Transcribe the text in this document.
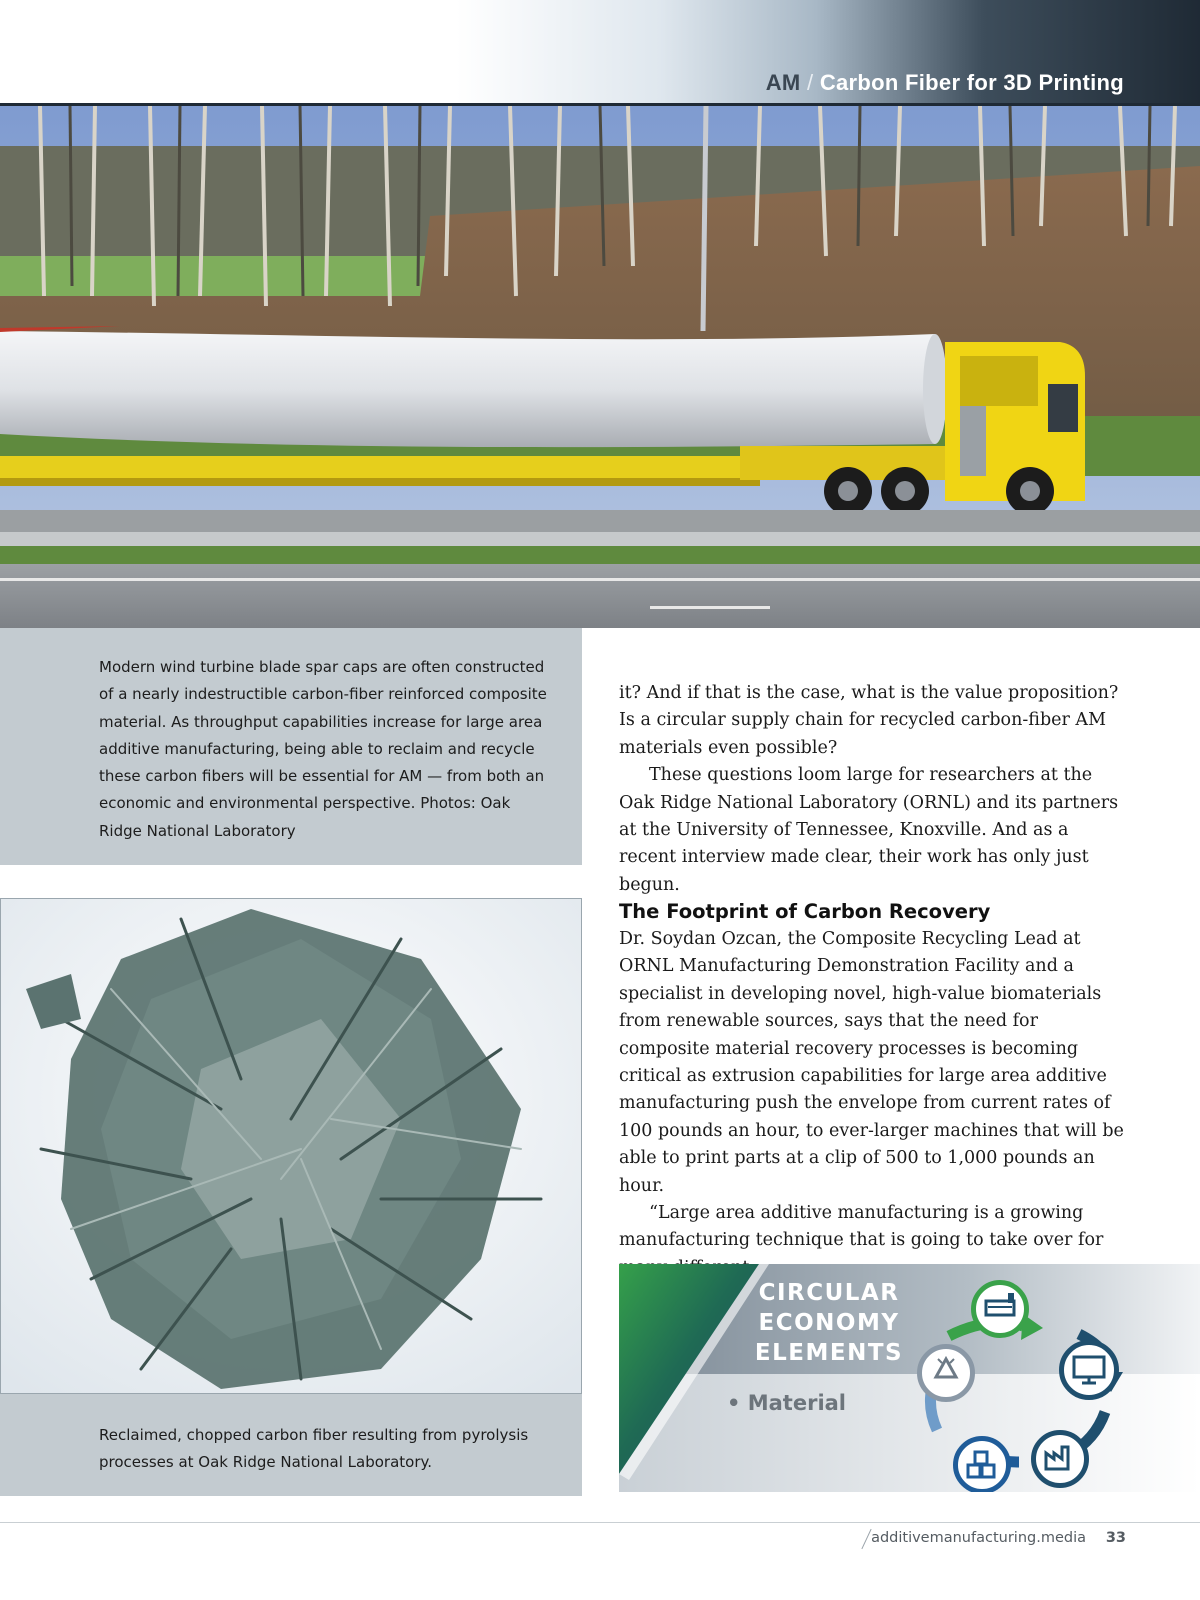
AM / Carbon Fiber for 3D Printing
Modern wind turbine blade spar caps are often constructed of a nearly indestructible carbon-fiber reinforced composite material. As throughput capabilities increase for large area additive manufacturing, being able to reclaim and recycle these carbon fibers will be essential for AM — from both an economic and environmental perspective. Photos: Oak Ridge National Laboratory
Reclaimed, chopped carbon fiber resulting from pyrolysis processes at Oak Ridge National Laboratory.

it? And if that is the case, what is the value proposition? Is a circular supply chain for recycled carbon-fiber AM materials even possible?

These questions loom large for researchers at the Oak Ridge National Laboratory (ORNL) and its partners at the University of Tennessee, Knoxville. And as a recent interview made clear, their work has only just begun.

The Footprint of Carbon Recovery

Dr. Soydan Ozcan, the Composite Recycling Lead at ORNL Manufacturing Demonstration Facility and a specialist in developing novel, high-value biomaterials from renewable sources, says that the need for composite material recovery processes is becoming critical as extrusion capabilities for large area additive manufacturing push the envelope from current rates of 100 pounds an hour, to ever-larger machines that will be able to print parts at a clip of 500 to 1,000 pounds an hour.

“Large area additive manufacturing is a growing manufacturing technique that is going to take over for

CIRCULAR
ECONOMY
ELEMENTS
• Material
additivemanufacturing.media 33
